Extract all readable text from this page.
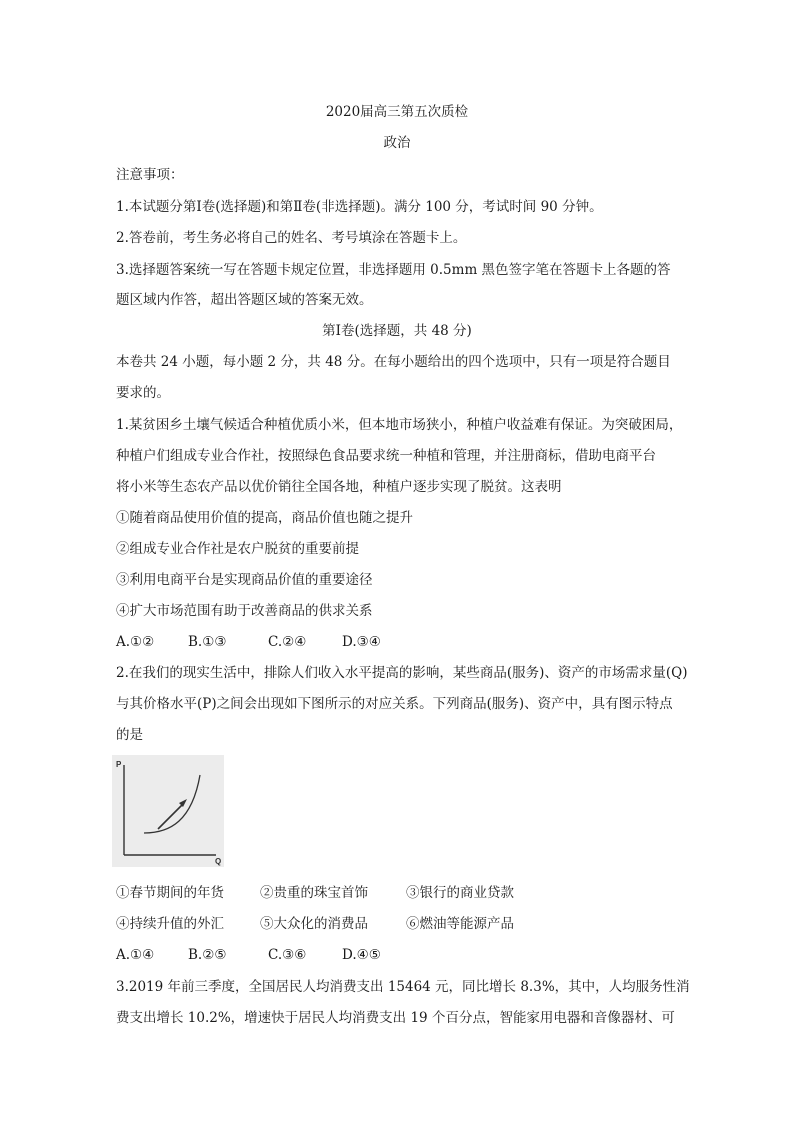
2020届高三第五次质检
政治
注意事项：
1.本试题分第Ⅰ卷(选择题)和第Ⅱ卷(非选择题)。满分 100 分，考试时间 90 分钟。
2.答卷前，考生务必将自己的姓名、考号填涂在答题卡上。
3.选择题答案统一写在答题卡规定位置，非选择题用 0.5mm 黑色签字笔在答题卡上各题的答
题区域内作答，超出答题区域的答案无效。
第Ⅰ卷(选择题，共 48 分)
本卷共 24 小题，每小题 2 分，共 48 分。在每小题给出的四个选项中，只有一项是符合题目
要求的。
1.某贫困乡土壤气候适合种植优质小米，但本地市场狭小，种植户收益难有保证。为突破困局，
种植户们组成专业合作社，按照绿色食品要求统一种植和管理，并注册商标，借助电商平台
将小米等生态农产品以优价销往全国各地，种植户逐步实现了脱贫。这表明
①随着商品使用价值的提高，商品价值也随之提升
②组成专业合作社是农户脱贫的重要前提
③利用电商平台是实现商品价值的重要途径
④扩大市场范围有助于改善商品的供求关系
A.①②	B.①③	C.②④	D.③④
2.在我们的现实生活中，排除人们收入水平提高的影响，某些商品(服务)、资产的市场需求量(Q)
与其价格水平(P)之间会出现如下图所示的对应关系。下列商品(服务)、资产中，具有图示特点
的是
P
Q
①春节期间的年货	②贵重的珠宝首饰	③银行的商业贷款
④持续升值的外汇	⑤大众化的消费品	⑥燃油等能源产品
A.①④	B.②⑤	C.③⑥	D.④⑤
3.2019 年前三季度，全国居民人均消费支出 15464 元，同比增长 8.3%，其中，人均服务性消
费支出增长 10.2%，增速快于居民人均消费支出 19 个百分点，智能家用电器和音像器材、可
